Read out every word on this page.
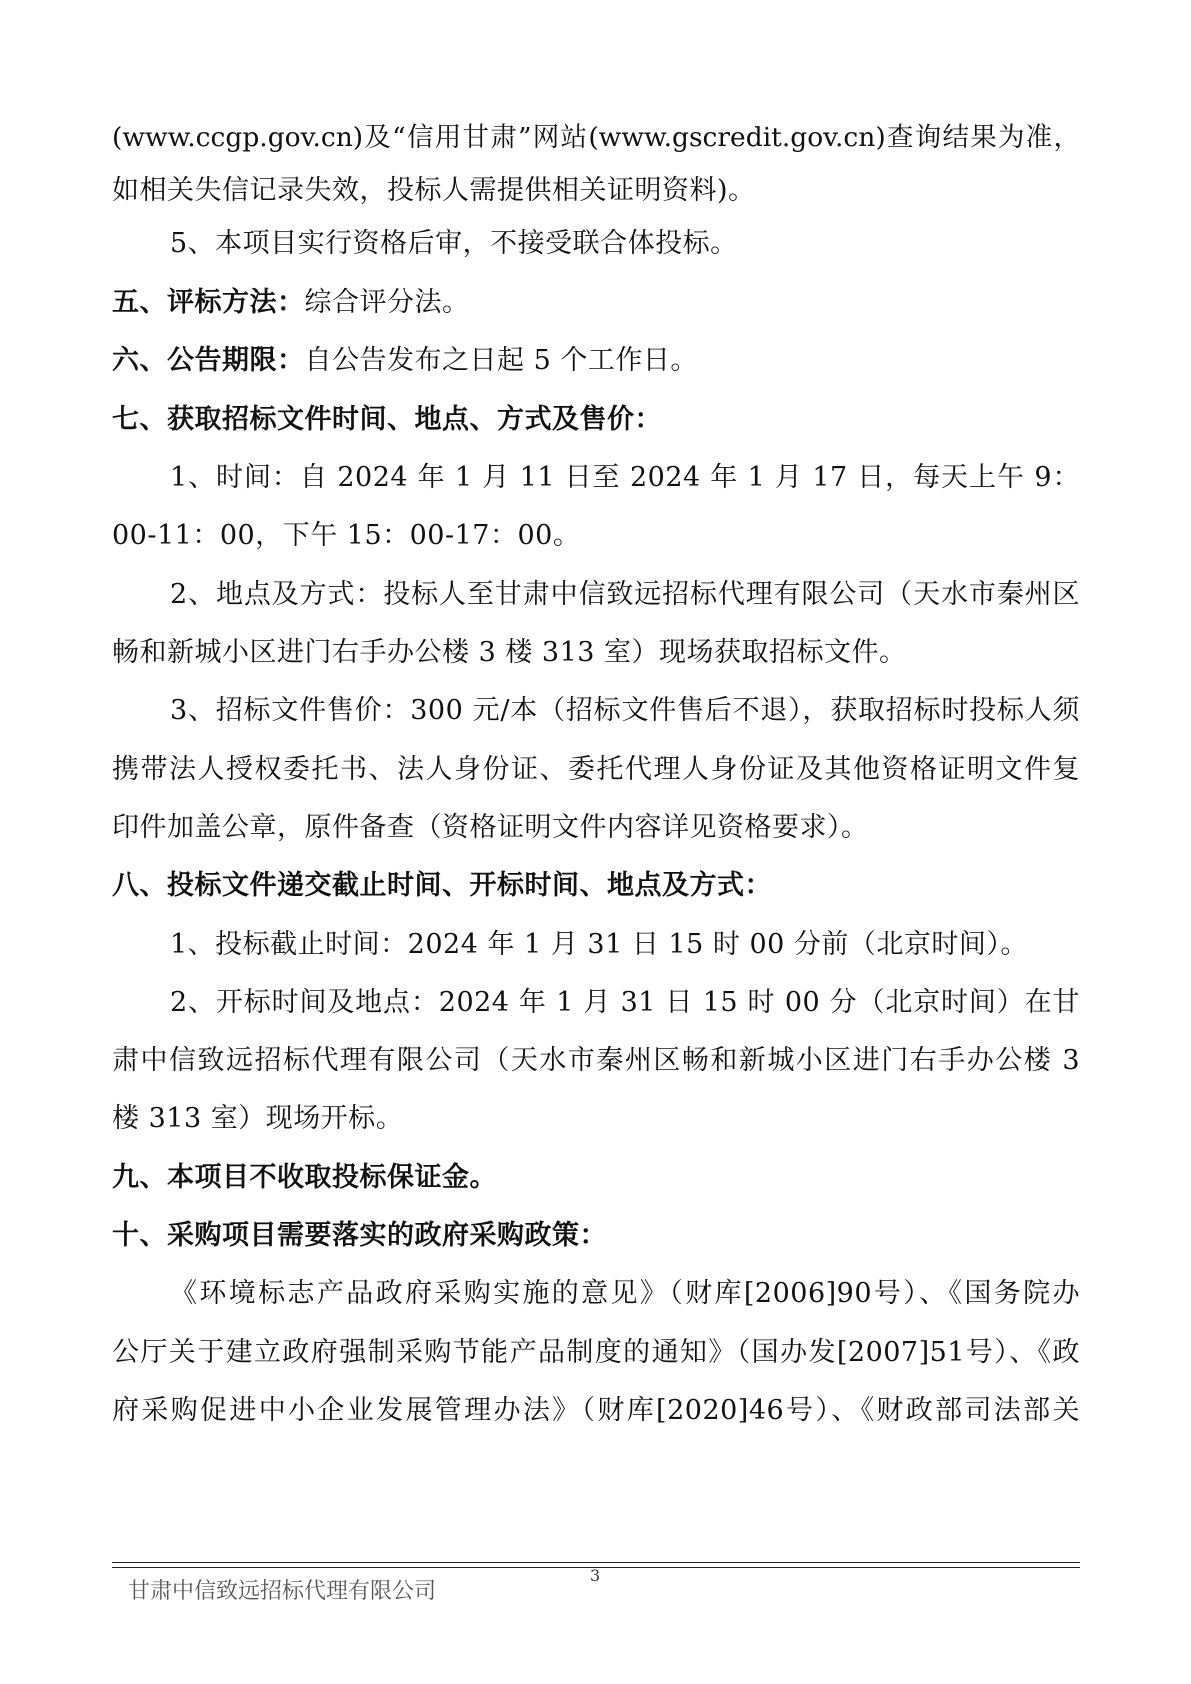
(www.ccgp.gov.cn)及“信用甘肃”网站(www.gscredit.gov.cn)查询结果为准，
如相关失信记录失效，投标人需提供相关证明资料)。
5、本项目实行资格后审，不接受联合体投标。
五、评标方法：综合评分法。
六、公告期限：自公告发布之日起 5 个工作日。
七、获取招标文件时间、地点、方式及售价：
1、时间：自 2024 年 1 月 11 日至 2024 年 1 月 17 日，每天上午 9：
00-11：00，下午 15：00-17：00。
2、地点及方式：投标人至甘肃中信致远招标代理有限公司（天水市秦州区
畅和新城小区进门右手办公楼 3 楼 313 室）现场获取招标文件。
3、招标文件售价：300 元/本（招标文件售后不退），获取招标时投标人须
携带法人授权委托书、法人身份证、委托代理人身份证及其他资格证明文件复
印件加盖公章，原件备查（资格证明文件内容详见资格要求）。
八、投标文件递交截止时间、开标时间、地点及方式：
1、投标截止时间：2024 年 1 月 31 日 15 时 00 分前（北京时间）。
2、开标时间及地点：2024 年 1 月 31 日 15 时 00 分（北京时间）在甘
肃中信致远招标代理有限公司（天水市秦州区畅和新城小区进门右手办公楼 3
楼 313 室）现场开标。
九、本项目不收取投标保证金。
十、采购项目需要落实的政府采购政策：
《环境标志产品政府采购实施的意见》（财库[2006]90号）、《国务院办
公厅关于建立政府强制采购节能产品制度的通知》（国办发[2007]51号）、《政
府采购促进中小企业发展管理办法》（财库[2020]46号）、《财政部司法部关
甘肃中信致远招标代理有限公司
3
